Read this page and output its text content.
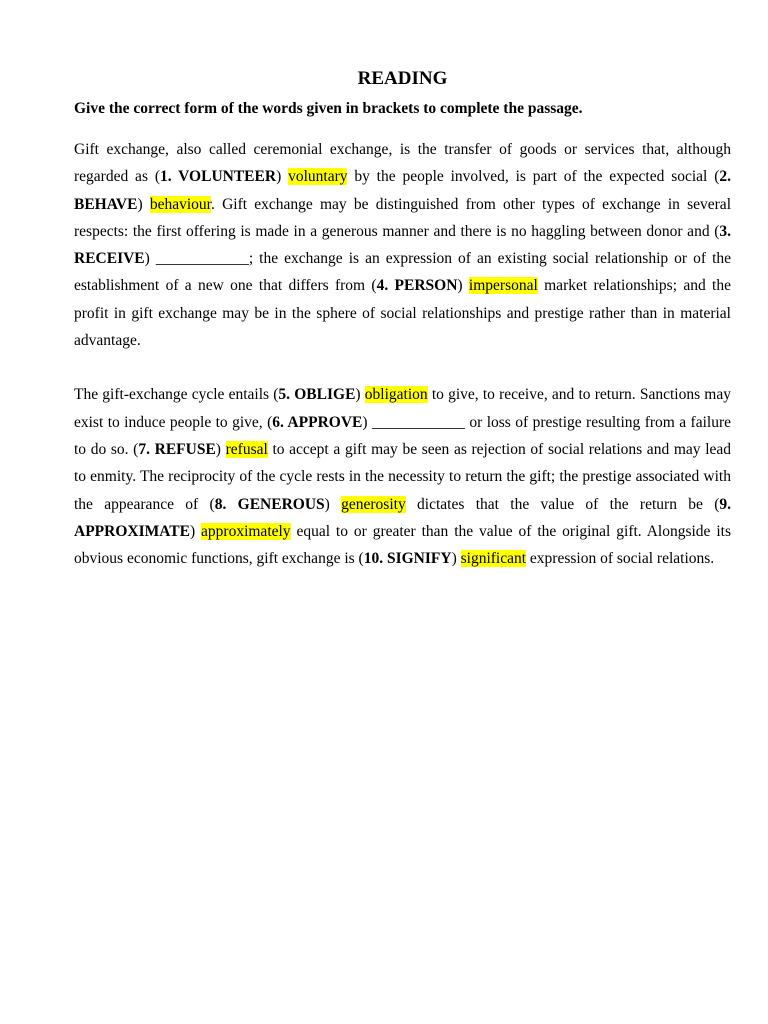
READING

Give the correct form of the words given in brackets to complete the passage.

Gift exchange, also called ceremonial exchange, is the transfer of goods or services that, although regarded as (1. VOLUNTEER) voluntary by the people involved, is part of the expected social (2. BEHAVE) behaviour. Gift exchange may be distinguished from other types of exchange in several respects: the first offering is made in a generous manner and there is no haggling between donor and (3. RECEIVE) ____________; the exchange is an expression of an existing social relationship or of the establishment of a new one that differs from (4. PERSON) impersonal market relationships; and the profit in gift exchange may be in the sphere of social relationships and prestige rather than in material advantage.

The gift-exchange cycle entails (5. OBLIGE) obligation to give, to receive, and to return. Sanctions may exist to induce people to give, (6. APPROVE) ____________ or loss of prestige resulting from a failure to do so. (7. REFUSE) refusal to accept a gift may be seen as rejection of social relations and may lead to enmity. The reciprocity of the cycle rests in the necessity to return the gift; the prestige associated with the appearance of (8. GENEROUS) generosity dictates that the value of the return be (9. APPROXIMATE) approximately equal to or greater than the value of the original gift. Alongside its obvious economic functions, gift exchange is (10. SIGNIFY) significant expression of social relations.
